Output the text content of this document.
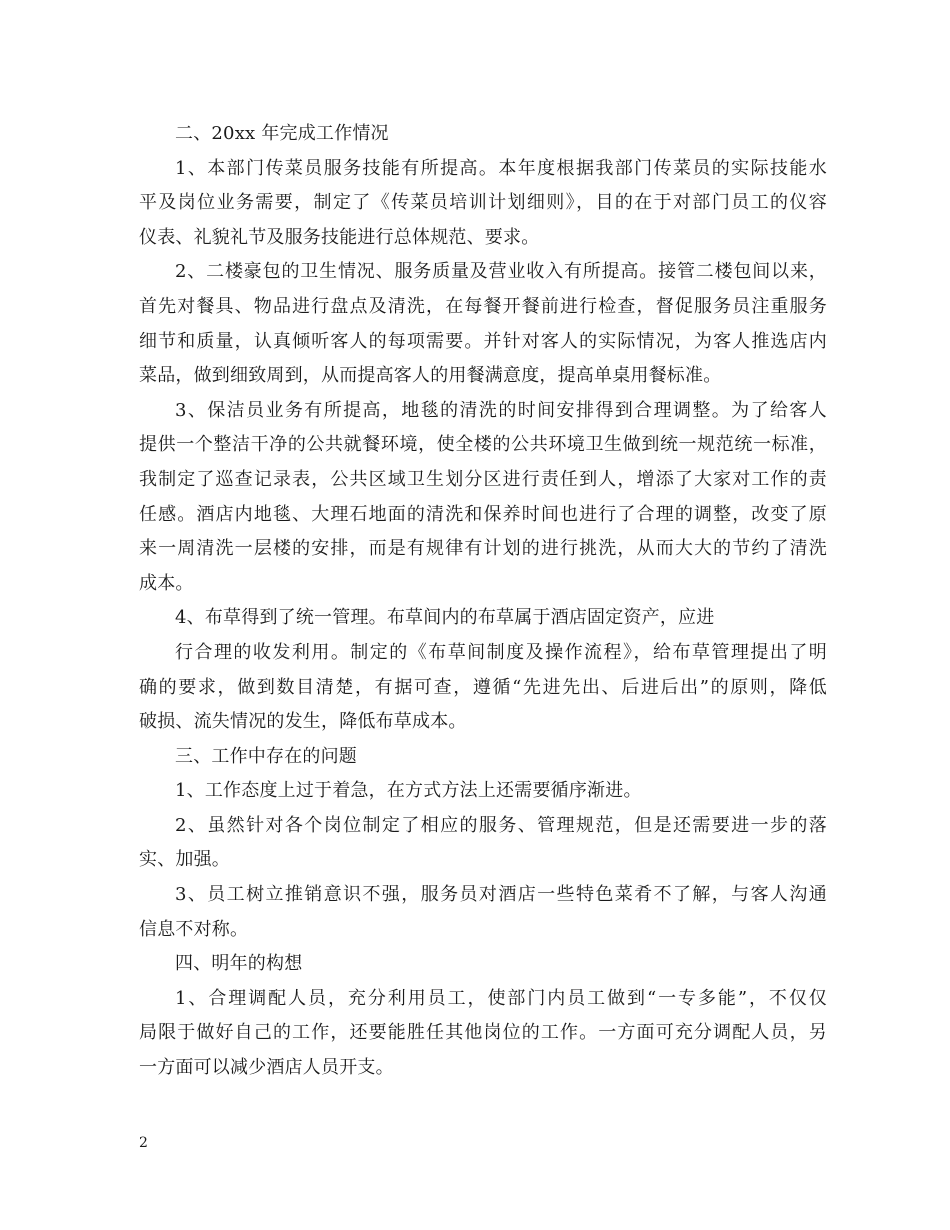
二、20xx 年完成工作情况
1、本部门传菜员服务技能有所提高。本年度根据我部门传菜员的实际技能水
平及岗位业务需要，制定了《传菜员培训计划细则》，目的在于对部门员工的仪容
仪表、礼貌礼节及服务技能进行总体规范、要求。
2、二楼豪包的卫生情况、服务质量及营业收入有所提高。接管二楼包间以来，
首先对餐具、物品进行盘点及清洗，在每餐开餐前进行检查，督促服务员注重服务
细节和质量，认真倾听客人的每项需要。并针对客人的实际情况，为客人推选店内
菜品，做到细致周到，从而提高客人的用餐满意度，提高单桌用餐标准。
3、保洁员业务有所提高，地毯的清洗的时间安排得到合理调整。为了给客人
提供一个整洁干净的公共就餐环境，使全楼的公共环境卫生做到统一规范统一标准，
我制定了巡查记录表，公共区域卫生划分区进行责任到人，增添了大家对工作的责
任感。酒店内地毯、大理石地面的清洗和保养时间也进行了合理的调整，改变了原
来一周清洗一层楼的安排，而是有规律有计划的进行挑洗，从而大大的节约了清洗
成本。
4、布草得到了统一管理。布草间内的布草属于酒店固定资产，应进
行合理的收发利用。制定的《布草间制度及操作流程》，给布草管理提出了明
确的要求，做到数目清楚，有据可查，遵循“先进先出、后进后出”的原则，降低
破损、流失情况的发生，降低布草成本。
三、工作中存在的问题
1、工作态度上过于着急，在方式方法上还需要循序渐进。
2、虽然针对各个岗位制定了相应的服务、管理规范，但是还需要进一步的落
实、加强。
3、员工树立推销意识不强，服务员对酒店一些特色菜肴不了解，与客人沟通
信息不对称。
四、明年的构想
1、合理调配人员，充分利用员工，使部门内员工做到“一专多能”，不仅仅
局限于做好自己的工作，还要能胜任其他岗位的工作。一方面可充分调配人员，另
一方面可以减少酒店人员开支。
2
